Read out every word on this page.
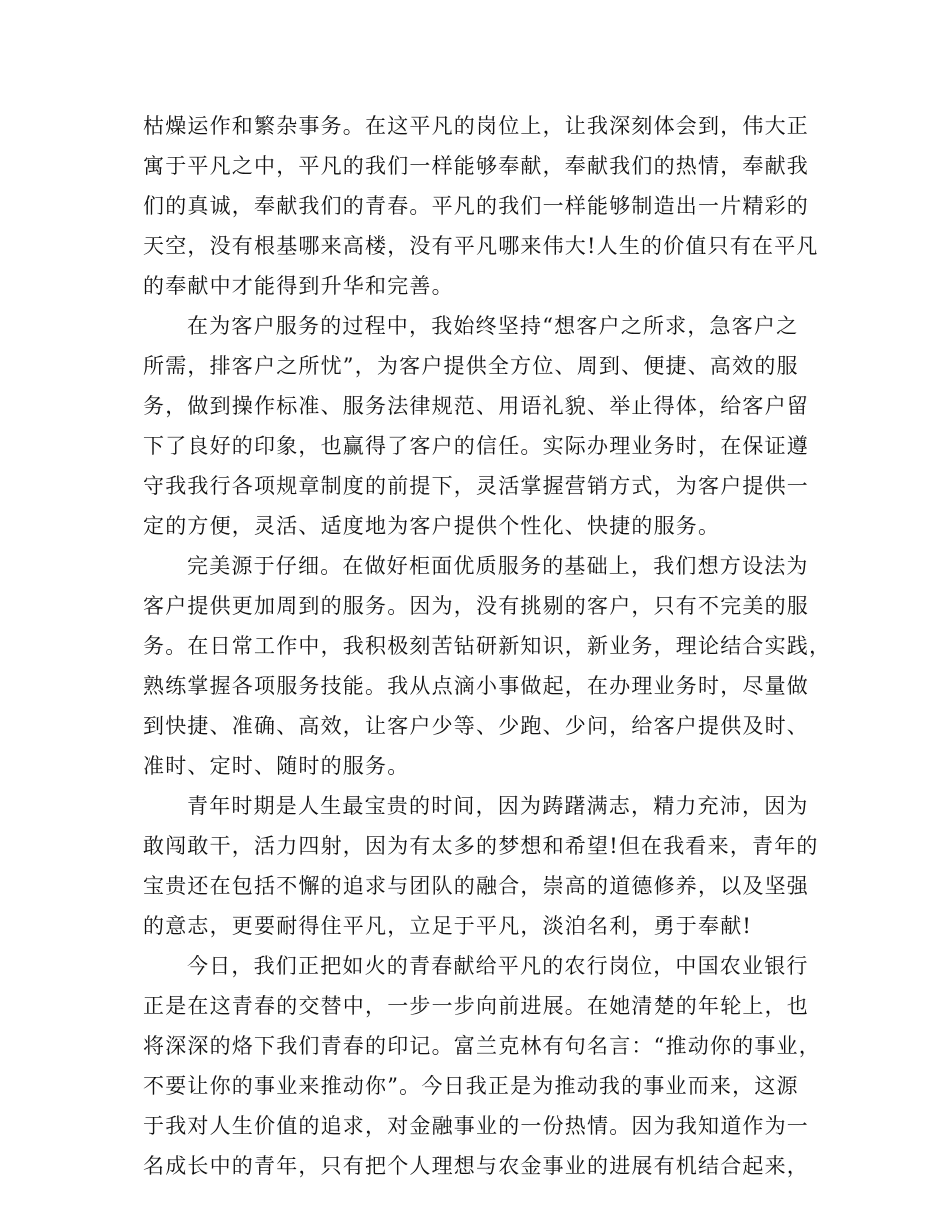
枯燥运作和繁杂事务。在这平凡的岗位上，让我深刻体会到，伟大正
寓于平凡之中，平凡的我们一样能够奉献，奉献我们的热情，奉献我
们的真诚，奉献我们的青春。平凡的我们一样能够制造出一片精彩的
天空，没有根基哪来高楼，没有平凡哪来伟大!人生的价值只有在平凡
的奉献中才能得到升华和完善。
在为客户服务的过程中，我始终坚持“想客户之所求，急客户之
所需，排客户之所忧”，为客户提供全方位、周到、便捷、高效的服
务，做到操作标准、服务法律规范、用语礼貌、举止得体，给客户留
下了良好的印象，也赢得了客户的信任。实际办理业务时，在保证遵
守我我行各项规章制度的前提下，灵活掌握营销方式，为客户提供一
定的方便，灵活、适度地为客户提供个性化、快捷的服务。
完美源于仔细。在做好柜面优质服务的基础上，我们想方设法为
客户提供更加周到的服务。因为，没有挑剔的客户，只有不完美的服
务。在日常工作中，我积极刻苦钻研新知识，新业务，理论结合实践，
熟练掌握各项服务技能。我从点滴小事做起，在办理业务时，尽量做
到快捷、准确、高效，让客户少等、少跑、少问，给客户提供及时、
准时、定时、随时的服务。
青年时期是人生最宝贵的时间，因为踌躇满志，精力充沛，因为
敢闯敢干，活力四射，因为有太多的梦想和希望!但在我看来，青年的
宝贵还在包括不懈的追求与团队的融合，崇高的道德修养，以及坚强
的意志，更要耐得住平凡，立足于平凡，淡泊名利，勇于奉献!
今日，我们正把如火的青春献给平凡的农行岗位，中国农业银行
正是在这青春的交替中，一步一步向前进展。在她清楚的年轮上，也
将深深的烙下我们青春的印记。富兰克林有句名言：“推动你的事业，
不要让你的事业来推动你”。今日我正是为推动我的事业而来，这源
于我对人生价值的追求，对金融事业的一份热情。因为我知道作为一
名成长中的青年，只有把个人理想与农金事业的进展有机结合起来，
